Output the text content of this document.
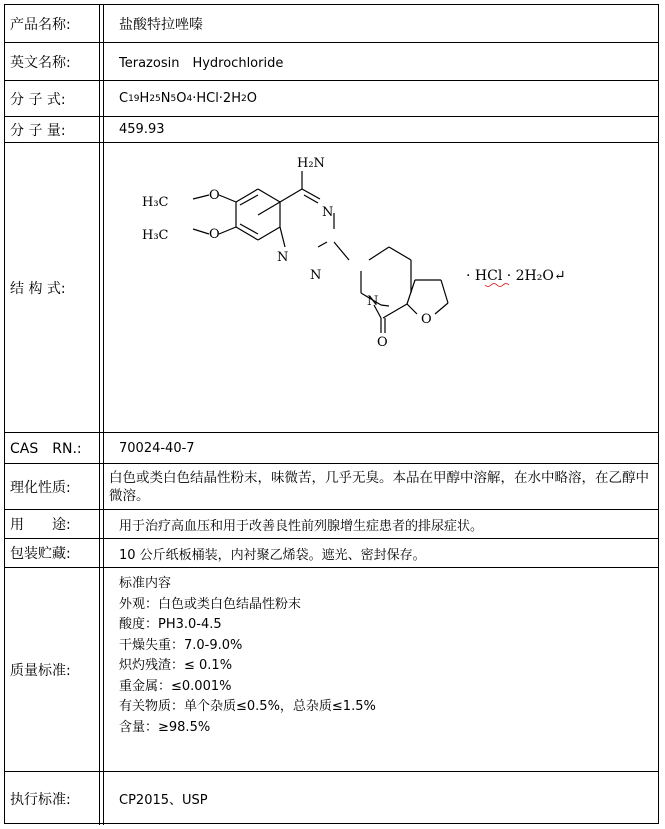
产品名称:	盐酸特拉唑嗪
英文名称:	Terazosin　Hydrochloride
分 子 式:	C 19 H 25 N 5 O 4 ·HCl·2H 2 O
分 子 量:	459.93
结 构 式:
H₂N
N
N
N
N
O
O
O
O
H₃C
H₃C
· HCl · 2H₂O↵
CAS　RN.:	70024-40-7
理化性质:
白色或类白色结晶性粉末，味微苦，几乎无臭。本品在甲醇中溶解，在水中略溶，在乙醇中微溶。
用　　途:	用于治疗高血压和用于改善良性前列腺增生症患者的排尿症状。
包装贮藏:	10 公斤纸板桶装，内衬聚乙烯袋。遮光、密封保存。
质量标准:
标准内容
外观：白色或类白色结晶性粉末
酸度：PH3.0-4.5
干燥失重：7.0-9.0%
炽灼残渣：≤ 0.1%
重金属：≤0.001%
有关物质：单个杂质≤0.5%，总杂质≤1.5%
含量：≥98.5%
执行标准:	CP2015、USP
